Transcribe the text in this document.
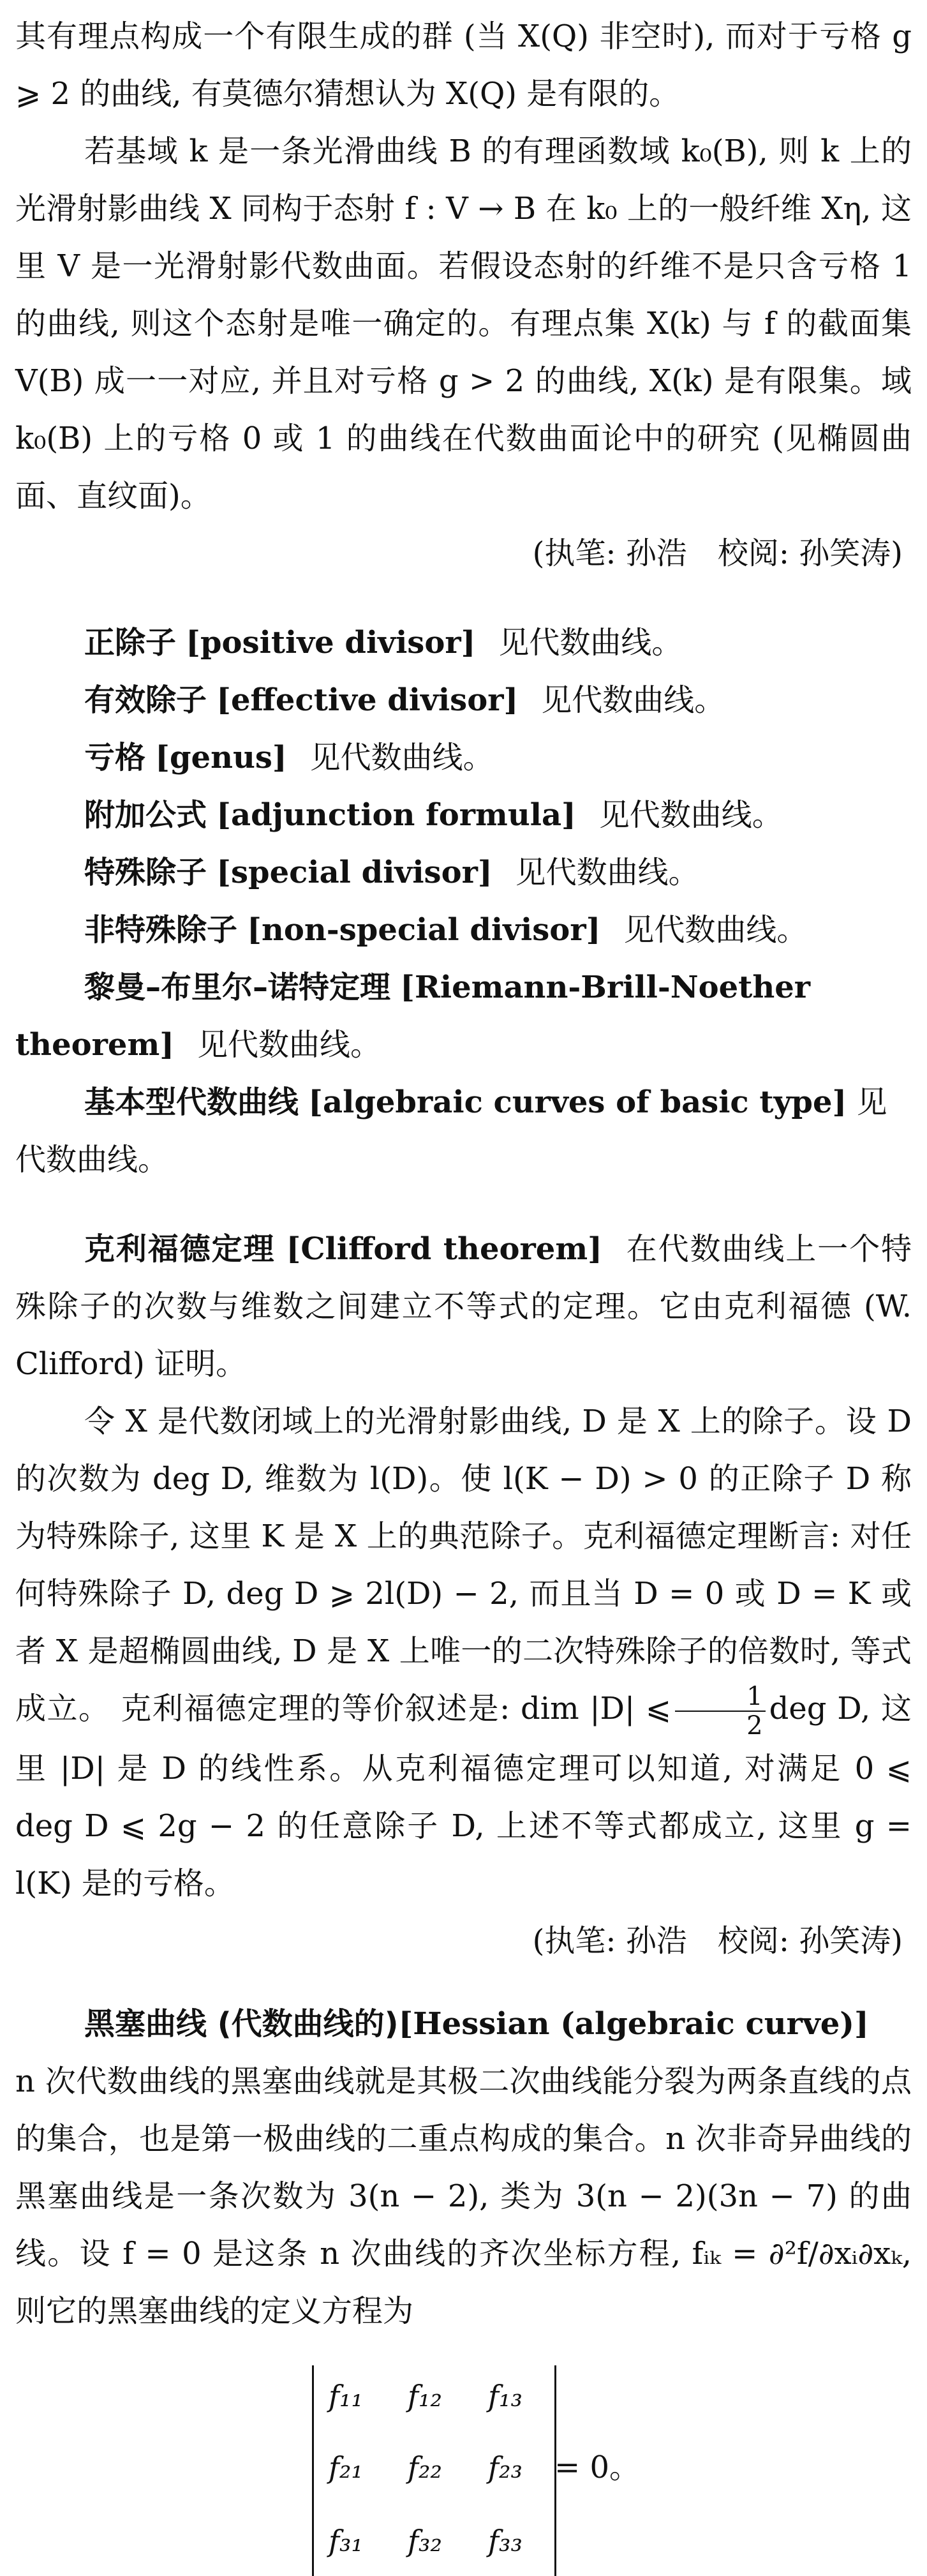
其有理点构成一个有限生成的群 (当 X(Q) 非空时), 而对于亏格 g ⩾ 2 的曲线, 有莫德尔猜想认为 X(Q) 是有限的。

若基域 k 是一条光滑曲线 B 的有理函数域 k₀(B), 则 k 上的光滑射影曲线 X 同构于态射 f : V → B 在 k₀ 上的一般纤维 Xη, 这里 V 是一光滑射影代数曲面。若假设态射的纤维不是只含亏格 1 的曲线, 则这个态射是唯一确定的。有理点集 X(k) 与 f 的截面集 V(B) 成一一对应, 并且对亏格 g > 2 的曲线, X(k) 是有限集。域 k₀(B) 上的亏格 0 或 1 的曲线在代数曲面论中的研究 (见椭圆曲面、直纹面)。

(执笔: 孙浩　校阅: 孙笑涛)

正除子 [positive divisor] 见代数曲线。

有效除子 [effective divisor] 见代数曲线。

亏格 [genus] 见代数曲线。

附加公式 [adjunction formula] 见代数曲线。

特殊除子 [special divisor] 见代数曲线。

非特殊除子 [non-special divisor] 见代数曲线。

黎曼–布里尔–诺特定理 [Riemann-Brill-Noether theorem] 见代数曲线。

基本型代数曲线 [algebraic curves of basic type] 见代数曲线。

克利福德定理 [Clifford theorem] 在代数曲线上一个特殊除子的次数与维数之间建立不等式的定理。它由克利福德 (W. Clifford) 证明。

令 X 是代数闭域上的光滑射影曲线, D 是 X 上的除子。设 D 的次数为 deg D, 维数为 l(D)。使 l(K − D) > 0 的正除子 D 称为特殊除子, 这里 K 是 X 上的典范除子。克利福德定理断言: 对任何特殊除子 D, deg D ⩾ 2l(D) − 2, 而且当 D = 0 或 D = K 或者 X 是超椭圆曲线, D 是 X 上唯一的二次特殊除子的倍数时, 等式成立。 克利福德定理的等价叙述是: dim |D| ⩽ $\frac{1}{2}$ deg D, 这里 |D| 是 D 的线性系。从克利福德定理可以知道, 对满足 0 ⩽ deg D ⩽ 2g − 2 的任意除子 D, 上述不等式都成立, 这里 g = l(K) 是的亏格。

(执笔: 孙浩　校阅: 孙笑涛)

黑塞曲线 (代数曲线的)[Hessian (algebraic curve)]

n 次代数曲线的黑塞曲线就是其极二次曲线能分裂为两条直线的点的集合，也是第一极曲线的二重点构成的集合。n 次非奇异曲线的黑塞曲线是一条次数为 3(n − 2), 类为 3(n − 2)(3n − 7) 的曲线。设 f = 0 是这条 n 次曲线的齐次坐标方程, fᵢₖ = ∂²f/∂xᵢ∂xₖ, 则它的黑塞曲线的定义方程为

f₁₁ f₁₂ f₁₃
f₂₁ f₂₂ f₂₃
f₃₁ f₃₂ f₃₃
= 0。
